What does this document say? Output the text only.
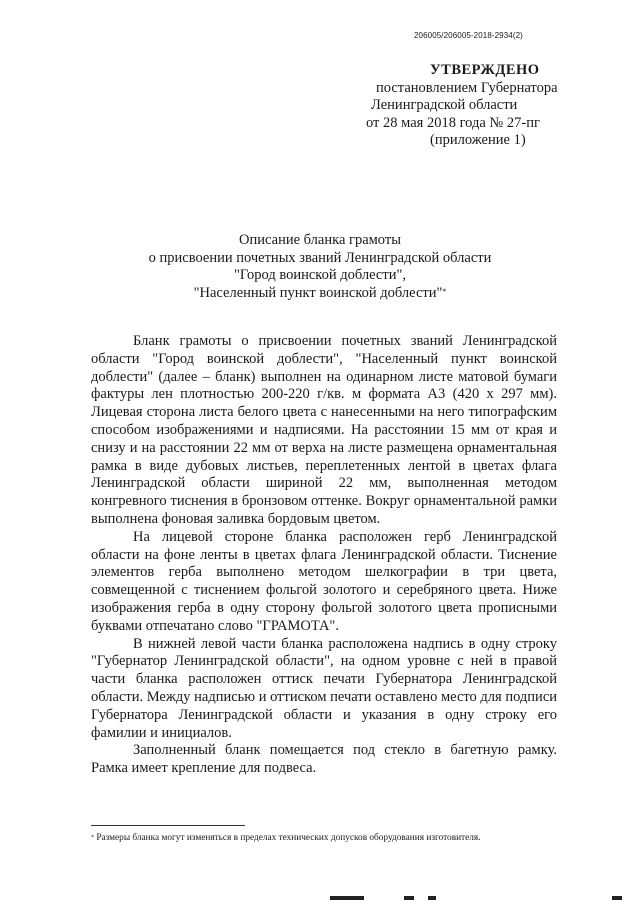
206005/206005-2018-2934(2)
УТВЕРЖДЕНО
постановлением Губернатора
Ленинградской области
от 28 мая 2018 года № 27-пг
(приложение 1)
Описание бланка грамоты
о присвоении почетных званий Ленинградской области
"Город воинской доблести",
"Населенный пункт воинской доблести"*

Бланк грамоты о присвоении почетных званий Ленинградской области "Город воинской доблести", "Населенный пункт воинской доблести" (далее – бланк) выполнен на одинарном листе матовой бумаги фактуры лен плотностью 200-220 г/кв. м формата А3 (420 х 297 мм). Лицевая сторона листа белого цвета с нанесенными на него типографским способом изображениями и надписями. На расстоянии 15 мм от края и снизу и на расстоянии 22 мм от верха на листе размещена орнаментальная рамка в виде дубовых листьев, переплетенных лентой в цветах флага Ленинградской области шириной 22 мм, выполненная методом конгревного тиснения в бронзовом оттенке. Вокруг орнаментальной рамки выполнена фоновая заливка бордовым цветом.

На лицевой стороне бланка расположен герб Ленинградской области на фоне ленты в цветах флага Ленинградской области. Тиснение элементов герба выполнено методом шелкографии в три цвета, совмещенной с тиснением фольгой золотого и серебряного цвета. Ниже изображения герба в одну сторону фольгой золотого цвета прописными буквами отпечатано слово "ГРАМОТА".

В нижней левой части бланка расположена надпись в одну строку "Губернатор Ленинградской области", на одном уровне с ней в правой части бланка расположен оттиск печати Губернатора Ленинградской области. Между надписью и оттиском печати оставлено место для подписи Губернатора Ленинградской области и указания в одну строку его фамилии и инициалов.

Заполненный бланк помещается под стекло в багетную рамку. Рамка имеет крепление для подвеса.

* Размеры бланка могут изменяться в пределах технических допусков оборудования изготовителя.
